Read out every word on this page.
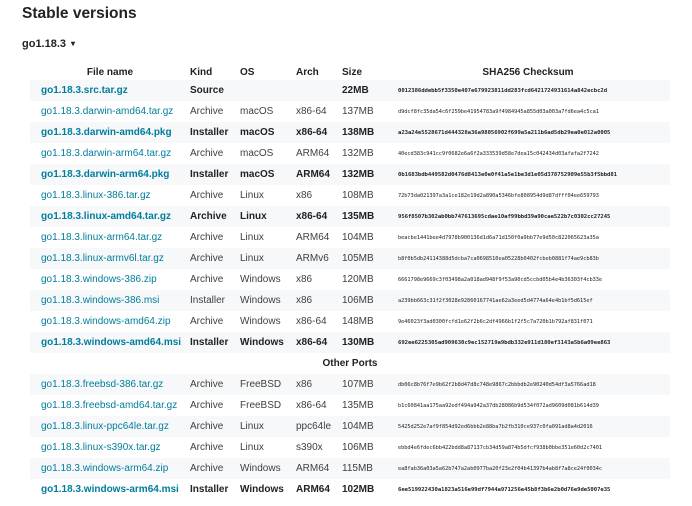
Stable versions
go1.18.3 ▾
File name	Kind	OS	Arch	Size	SHA256 Checksum
go1.18.3.src.tar.gz	Source			22MB	0012386ddebb5f3350e407e679923811dd283fcd6421724931614a842ecbc2d
go1.18.3.darwin-amd64.tar.gz	Archive	macOS	x86-64	137MB	d9dcf8fc35da54c6f259be41954783a9f4984945a855d03a003a7fd6ea4c5ca1
go1.18.3.darwin-amd64.pkg	Installer	macOS	x86-64	138MB	a23a24e5528671d444328a36a98056902f699a5a211b6ad5db29ea0e012a0005
go1.18.3.darwin-arm64.tar.gz	Archive	macOS	ARM64	132MB	40ecd383c941cc9f0682e6a6f2a333539d58e7dea15c042434d03afafa2f7242
go1.18.3.darwin-arm64.pkg	Installer	macOS	ARM64	132MB	0b1683bdb449582d0476d8413e0e0f41a5e1be3d1e05d378752909e55b3f5bbd81
go1.18.3.linux-386.tar.gz	Archive	Linux	x86	108MB	72b73da021397a3a1ce182e19d2a890a5346bfe808954d9d87dfff04ee659793
go1.18.3.linux-amd64.tar.gz	Archive	Linux	x86-64	135MB	956f8507b302ab0bb747613695cdae10af99bbd39a90cae522b7c0302cc27245
go1.18.3.linux-arm64.tar.gz	Archive	Linux	ARM64	104MB	beacbe1441bee4d7978b900136d1d6a71d150f0a9bb77e9d50c822065623a35a
go1.18.3.linux-armv6l.tar.gz	Archive	Linux	ARMv6	105MB	b8f0b5db24114388d5dcba7ca0698510ea05228b0402fcbeb0881f74ae9cb83b
go1.18.3.windows-386.zip	Archive	Windows	x86	120MB	6661798e9669c3f03498a2a018ad948f9f53a90cd5ccbd05b4e4b36303f4cb33e
go1.18.3.windows-386.msi	Installer	Windows	x86	106MB	a239bb663c31f2f3028e92860167741ae62a3eed5d4774a64e4b1bf5d615ef
go1.18.3.windows-amd64.zip	Archive	Windows	x86-64	148MB	9e46023f3ad0300fcfd1e62f2b6c2df4966b1f2f5c7a720b1b792af831f071
go1.18.3.windows-amd64.msi	Installer	Windows	x86-64	130MB	692ee6225305ad909630c9ec152719a9bdb332e911d180ef3143a5b6a09ee863
Other Ports					
go1.18.3.freebsd-386.tar.gz	Archive	FreeBSD	x86	107MB	db06c8b76f7e9b62f2b8d47d8c748e9867c2bbbdb2e90240d54df3a5766ad18
go1.18.3.freebsd-amd64.tar.gz	Archive	FreeBSD	x86-64	135MB	b1c60841aa175aa92edf494a942a37db28086b9d534f072ad9609d081b614d39
go1.18.3.linux-ppc64le.tar.gz	Archive	Linux	ppc64le	104MB	5425d252e7af9f854d92ed6bbb2e88ba7b2fb310ce937c0fa091ad8a4d2016
go1.18.3.linux-s390x.tar.gz	Archive	Linux	s390x	106MB	ebbd4e6fdec6bb422bdd8a87137cb34d59a874b5dfcf938b0bbe351e60d2c7401
go1.18.3.windows-arm64.zip	Archive	Windows	ARM64	115MB	ea8fab36a03a5a62b747a2ab0977ba20f23e2f04b41397b4ab8f7a8ce24f0034c
go1.18.3.windows-arm64.msi	Installer	Windows	ARM64	102MB	6ee519922430a1823a516e99df7944a971256e45b8f3b6e2b0d76e9de5007e35
